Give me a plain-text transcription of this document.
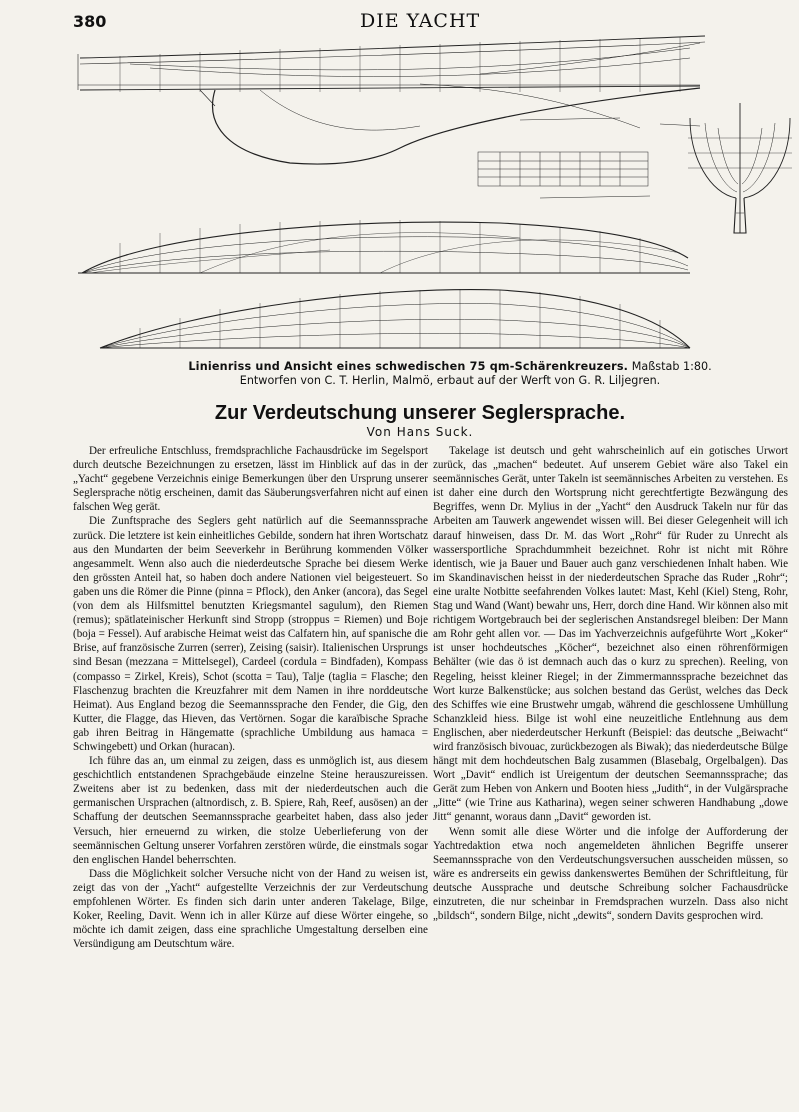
380	DIE YACHT
Linienriss und Ansicht eines schwedischen 75 qm-Schärenkreuzers. Maßstab 1:80.
Entworfen von C. T. Herlin, Malmö, erbaut auf der Werft von G. R. Liljegren.
Zur Verdeutschung unserer Seglersprache.
Von Hans Suck.

Der erfreuliche Entschluss, fremdsprachliche Fachausdrücke im Segelsport durch deutsche Bezeichnungen zu ersetzen, lässt im Hinblick auf das in der „Yacht“ gegebene Verzeichnis einige Bemerkungen über den Ursprung unserer Seglersprache nötig erscheinen, damit das Säuberungsverfahren nicht auf einen falschen Weg gerät.

Die Zunftsprache des Seglers geht natürlich auf die Seemannssprache zurück. Die letztere ist kein einheitliches Gebilde, sondern hat ihren Wortschatz aus den Mundarten der beim Seeverkehr in Berührung kommenden Völker angesammelt. Wenn also auch die niederdeutsche Sprache bei diesem Werke den grössten Anteil hat, so haben doch andere Nationen viel beigesteuert. So gaben uns die Römer die Pinne (pinna = Pflock), den Anker (ancora), das Segel (von dem als Hilfsmittel benutzten Kriegsmantel sagulum), den Riemen (remus); spätlateinischer Herkunft sind Stropp (stroppus = Riemen) und Boje (boja = Fessel). Auf arabische Heimat weist das Calfatern hin, auf spanische die Brise, auf französische Zurren (serrer), Zeising (saisir). Italienischen Ursprungs sind Besan (mezzana = Mittelsegel), Cardeel (cordula = Bindfaden), Kompass (compasso = Zirkel, Kreis), Schot (scotta = Tau), Talje (taglia = Flasche; den Flaschenzug brachten die Kreuzfahrer mit dem Namen in ihre norddeutsche Heimat). Aus England bezog die Seemannssprache den Fender, die Gig, den Kutter, die Flagge, das Hieven, das Vertörnen. Sogar die karaïbische Sprache gab ihren Beitrag in Hängematte (sprachliche Umbildung aus hamaca = Schwingebett) und Orkan (huracan).

Ich führe das an, um einmal zu zeigen, dass es unmöglich ist, aus diesem geschichtlich entstandenen Sprachgebäude einzelne Steine herauszureissen. Zweitens aber ist zu bedenken, dass mit der niederdeutschen auch die germanischen Ursprachen (altnordisch, z. B. Spiere, Rah, Reef, ausösen) an der Schaffung der deutschen Seemannssprache gearbeitet haben, dass also jeder Versuch, hier erneuernd zu wirken, die stolze Ueberlieferung von der seemännischen Geltung unserer Vorfahren zerstören würde, die einstmals sogar den englischen Handel beherrschten.

Dass die Möglichkeit solcher Versuche nicht von der Hand zu weisen ist, zeigt das von der „Yacht“ aufgestellte Verzeichnis der zur Verdeutschung empfohlenen Wörter. Es finden sich darin unter anderen Takelage, Bilge, Koker, Reeling, Davit. Wenn ich in aller Kürze auf diese Wörter eingehe, so möchte ich damit zeigen, dass eine sprachliche Umgestaltung derselben eine Versündigung am Deutschtum wäre.

Takelage ist deutsch und geht wahrscheinlich auf ein gotisches Urwort zurück, das „machen“ bedeutet. Auf unserem Gebiet wäre also Takel ein seemännisches Gerät, unter Takeln ist seemännisches Arbeiten zu verstehen. Es ist daher eine durch den Wortsprung nicht gerechtfertigte Bezwängung des Begriffes, wenn Dr. Mylius in der „Yacht“ den Ausdruck Takeln nur für das Arbeiten am Tauwerk angewendet wissen will. Bei dieser Gelegenheit will ich darauf hinweisen, dass Dr. M. das Wort „Rohr“ für Ruder zu Unrecht als wassersportliche Sprachdummheit bezeichnet. Rohr ist nicht mit Röhre identisch, wie ja Bauer und Bauer auch ganz verschiedenen Inhalt haben. Wie im Skandinavischen heisst in der niederdeutschen Sprache das Ruder „Rohr“; eine uralte Notbitte seefahrenden Volkes lautet: Mast, Kehl (Kiel) Steng, Rohr, Stag und Wand (Want) bewahr uns, Herr, dorch dine Hand. Wir können also mit richtigem Wortgebrauch bei der seglerischen Anstandsregel bleiben: Der Mann am Rohr geht allen vor. — Das im Yachverzeichnis aufgeführte Wort „Koker“ ist unser hochdeutsches „Köcher“, bezeichnet also einen röhrenförmigen Behälter (wie das ö ist demnach auch das o kurz zu sprechen). Reeling, von Regeling, heisst kleiner Riegel; in der Zimmermannssprache bezeichnet das Wort kurze Balkenstücke; aus solchen bestand das Gerüst, welches das Deck des Schiffes wie eine Brustwehr umgab, während die geschlossene Umhüllung Schanzkleid hiess. Bilge ist wohl eine neuzeitliche Entlehnung aus dem Englischen, aber niederdeutscher Herkunft (Beispiel: das deutsche „Beiwacht“ wird französisch bivouac, zurückbezogen als Biwak); das niederdeutsche Bülge hängt mit dem hochdeutschen Balg zusammen (Blasebalg, Orgelbalgen). Das Wort „Davit“ endlich ist Ureigentum der deutschen Seemannssprache; das Gerät zum Heben von Ankern und Booten hiess „Judith“, in der Vulgärsprache „Jitte“ (wie Trine aus Katharina), wegen seiner schweren Handhabung „dowe Jitt“ genannt, woraus dann „Davit“ geworden ist.

Wenn somit alle diese Wörter und die infolge der Aufforderung der Yachtredaktion etwa noch angemeldeten ähnlichen Begriffe unserer Seemannssprache von den Verdeutschungsversuchen ausscheiden müssen, so wäre es andrerseits ein gewiss dankenswertes Bemühen der Schriftleitung, für deutsche Aussprache und deutsche Schreibung solcher Fachausdrücke einzutreten, die nur scheinbar in Fremdsprachen wurzeln. Dass also nicht „bildsch“, sondern Bilge, nicht „dewits“, sondern Davits gesprochen wird.
